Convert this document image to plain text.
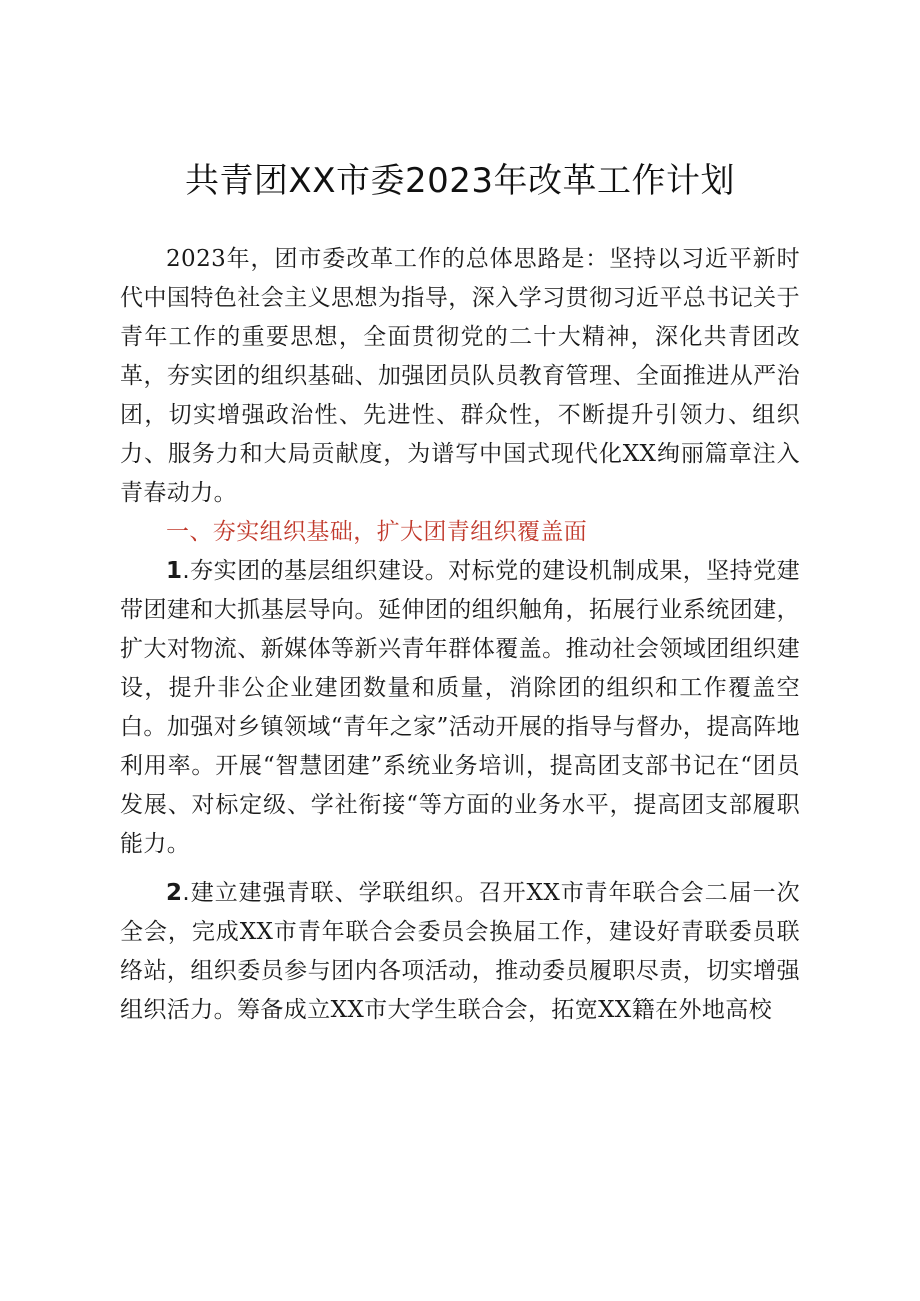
共青团XX市委2023年改革工作计划

2023年，团市委改革工作的总体思路是：坚持以习近平新时代中国特色社会主义思想为指导，深入学习贯彻习近平总书记关于青年工作的重要思想，全面贯彻党的二十大精神，深化共青团改革，夯实团的组织基础、加强团员队员教育管理、全面推进从严治团，切实增强政治性、先进性、群众性，不断提升引领力、组织力、服务力和大局贡献度，为谱写中国式现代化XX绚丽篇章注入青春动力。

一、夯实组织基础，扩大团青组织覆盖面

1.夯实团的基层组织建设。对标党的建设机制成果，坚持党建带团建和大抓基层导向。延伸团的组织触角，拓展行业系统团建，扩大对物流、新媒体等新兴青年群体覆盖。推动社会领域团组织建设，提升非公企业建团数量和质量，消除团的组织和工作覆盖空白。加强对乡镇领域“青年之家”活动开展的指导与督办，提高阵地利用率。开展“智慧团建”系统业务培训，提高团支部书记在“团员发展、对标定级、学社衔接“等方面的业务水平，提高团支部履职能力。

2.建立建强青联、学联组织。召开XX市青年联合会二届一次全会，完成XX市青年联合会委员会换届工作，建设好青联委员联络站，组织委员参与团内各项活动，推动委员履职尽责，切实增强组织活力。筹备成立XX市大学生联合会，拓宽XX籍在外地高校
